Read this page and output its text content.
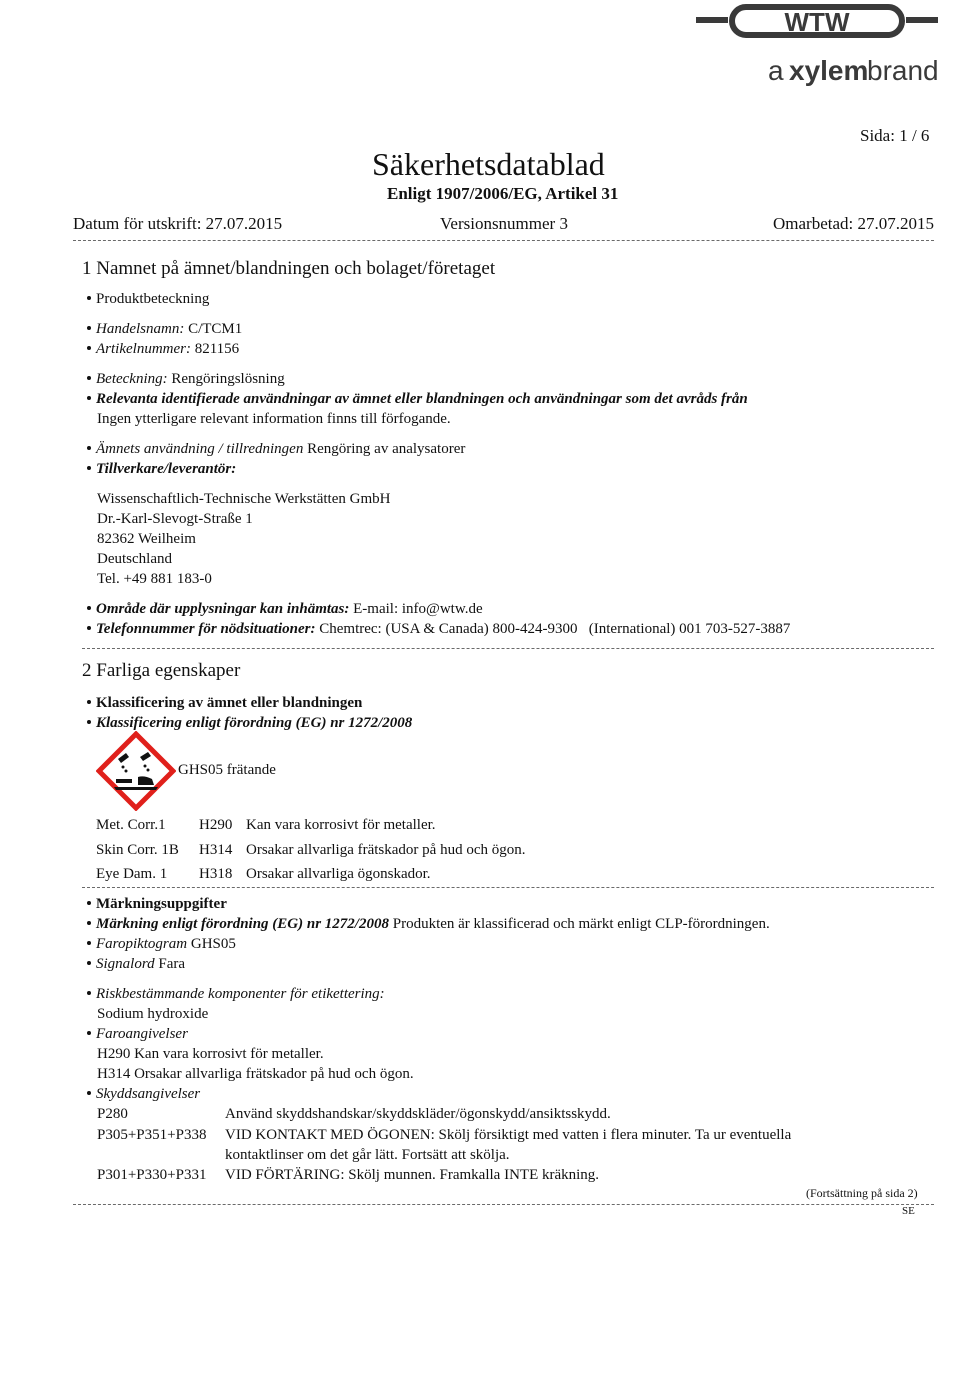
WTW
a xylem
brand
Sida: 1 / 6
Säkerhetsdatablad
Enligt 1907/2006/EG, Artikel 31
Datum för utskrift: 27.07.2015	Versionsnummer 3	Omarbetad: 27.07.2015
1 Namnet på ämnet/blandningen och bolaget/företaget
Produktbeteckning
Handelsnamn: C/TCM1
Artikelnummer: 821156
Beteckning: Rengöringslösning
Relevanta identifierade användningar av ämnet eller blandningen och användningar som det avråds från
Ingen ytterligare relevant information finns till förfogande.
Ämnets användning / tillredningen Rengöring av analysatorer
Tillverkare/leverantör:
Wissenschaftlich-Technische Werkstätten GmbH
Dr.-Karl-Slevogt-Straße 1
82362 Weilheim
Deutschland
Tel. +49 881 183-0
Område där upplysningar kan inhämtas: E-mail: info@wtw.de
Telefonnummer för nödsituationer: Chemtrec: (USA & Canada) 800-424-9300   (International) 001 703-527-3887
2 Farliga egenskaper
Klassificering av ämnet eller blandningen
Klassificering enligt förordning (EG) nr 1272/2008
GHS05 frätande
Met. Corr.1 H290 Kan vara korrosivt för metaller.
Skin Corr. 1B H314 Orsakar allvarliga frätskador på hud och ögon.
Eye Dam. 1 H318 Orsakar allvarliga ögonskador.
Märkningsuppgifter
Märkning enligt förordning (EG) nr 1272/2008 Produkten är klassificerad och märkt enligt CLP-förordningen.
Faropiktogram GHS05
Signalord Fara
Riskbestämmande komponenter för etikettering:
Sodium hydroxide
Faroangivelser
H290 Kan vara korrosivt för metaller.
H314 Orsakar allvarliga frätskador på hud och ögon.
Skyddsangivelser
P280	Använd skyddshandskar/skyddskläder/ögonskydd/ansiktsskydd.
P305+P351+P338 VID KONTAKT MED ÖGONEN: Skölj försiktigt med vatten i flera minuter. Ta ur eventuella
kontaktlinser om det går lätt. Fortsätt att skölja.
P301+P330+P331 VID FÖRTÄRING: Skölj munnen. Framkalla INTE kräkning.
(Fortsättning på sida 2)
SE
